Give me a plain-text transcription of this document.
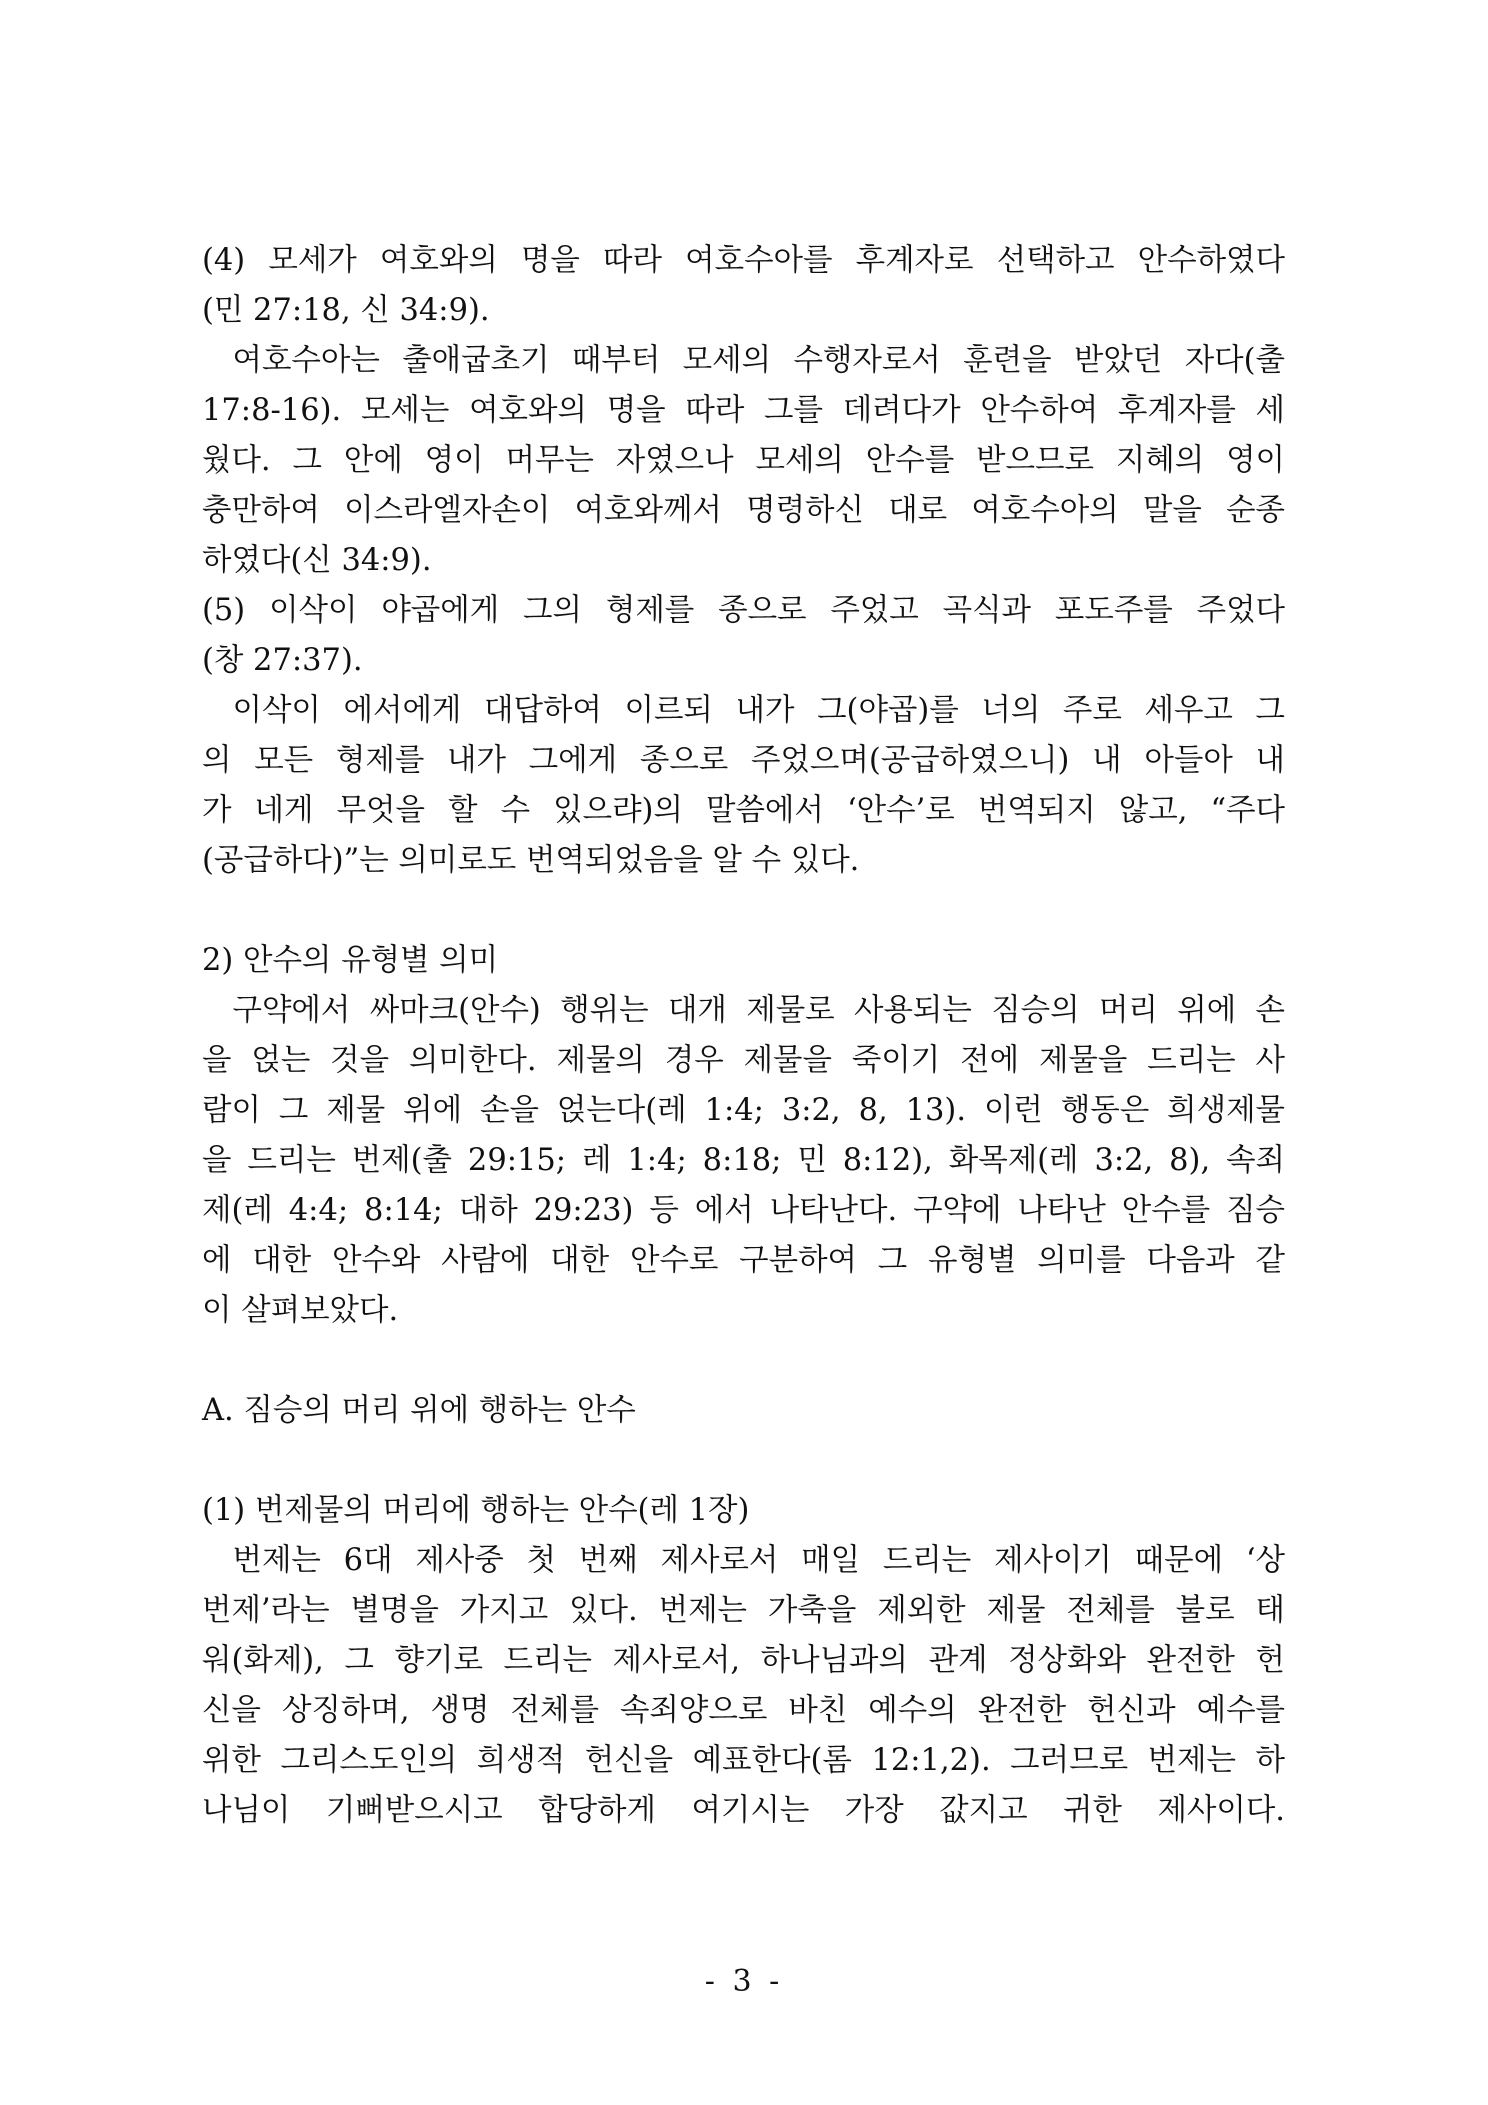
(4) 모세가 여호와의 명을 따라 여호수아를 후계자로 선택하고 안수하였다
(민 27:18, 신 34:9).
여호수아는 출애굽초기 때부터 모세의 수행자로서 훈련을 받았던 자다(출
17:8-16). 모세는 여호와의 명을 따라 그를 데려다가 안수하여 후계자를 세
웠다. 그 안에 영이 머무는 자였으나 모세의 안수를 받으므로 지혜의 영이
충만하여 이스라엘자손이 여호와께서 명령하신 대로 여호수아의 말을 순종
하였다(신 34:9).
(5) 이삭이 야곱에게 그의 형제를 종으로 주었고 곡식과 포도주를 주었다
(창 27:37).
이삭이 에서에게 대답하여 이르되 내가 그(야곱)를 너의 주로 세우고 그
의 모든 형제를 내가 그에게 종으로 주었으며(공급하였으니) 내 아들아 내
가 네게 무엇을 할 수 있으랴)의 말씀에서 ‘안수’로 번역되지 않고, “주다
(공급하다)”는 의미로도 번역되었음을 알 수 있다.
2) 안수의 유형별 의미
구약에서 싸마크(안수) 행위는 대개 제물로 사용되는 짐승의 머리 위에 손
을 얹는 것을 의미한다. 제물의 경우 제물을 죽이기 전에 제물을 드리는 사
람이 그 제물 위에 손을 얹는다(레 1:4; 3:2, 8, 13). 이런 행동은 희생제물
을 드리는 번제(출 29:15; 레 1:4; 8:18; 민 8:12), 화목제(레 3:2, 8), 속죄
제(레 4:4; 8:14; 대하 29:23) 등 에서 나타난다. 구약에 나타난 안수를 짐승
에 대한 안수와 사람에 대한 안수로 구분하여 그 유형별 의미를 다음과 같
이 살펴보았다.
A. 짐승의 머리 위에 행하는 안수
(1) 번제물의 머리에 행하는 안수(레 1장)
번제는 6대 제사중 첫 번째 제사로서 매일 드리는 제사이기 때문에 ‘상
번제’라는 별명을 가지고 있다. 번제는 가축을 제외한 제물 전체를 불로 태
워(화제), 그 향기로 드리는 제사로서, 하나님과의 관계 정상화와 완전한 헌
신을 상징하며, 생명 전체를 속죄양으로 바친 예수의 완전한 헌신과 예수를
위한 그리스도인의 희생적 헌신을 예표한다(롬 12:1,2). 그러므로 번제는 하
나님이 기뻐받으시고 합당하게 여기시는 가장 값지고 귀한 제사이다.
- 3 -
